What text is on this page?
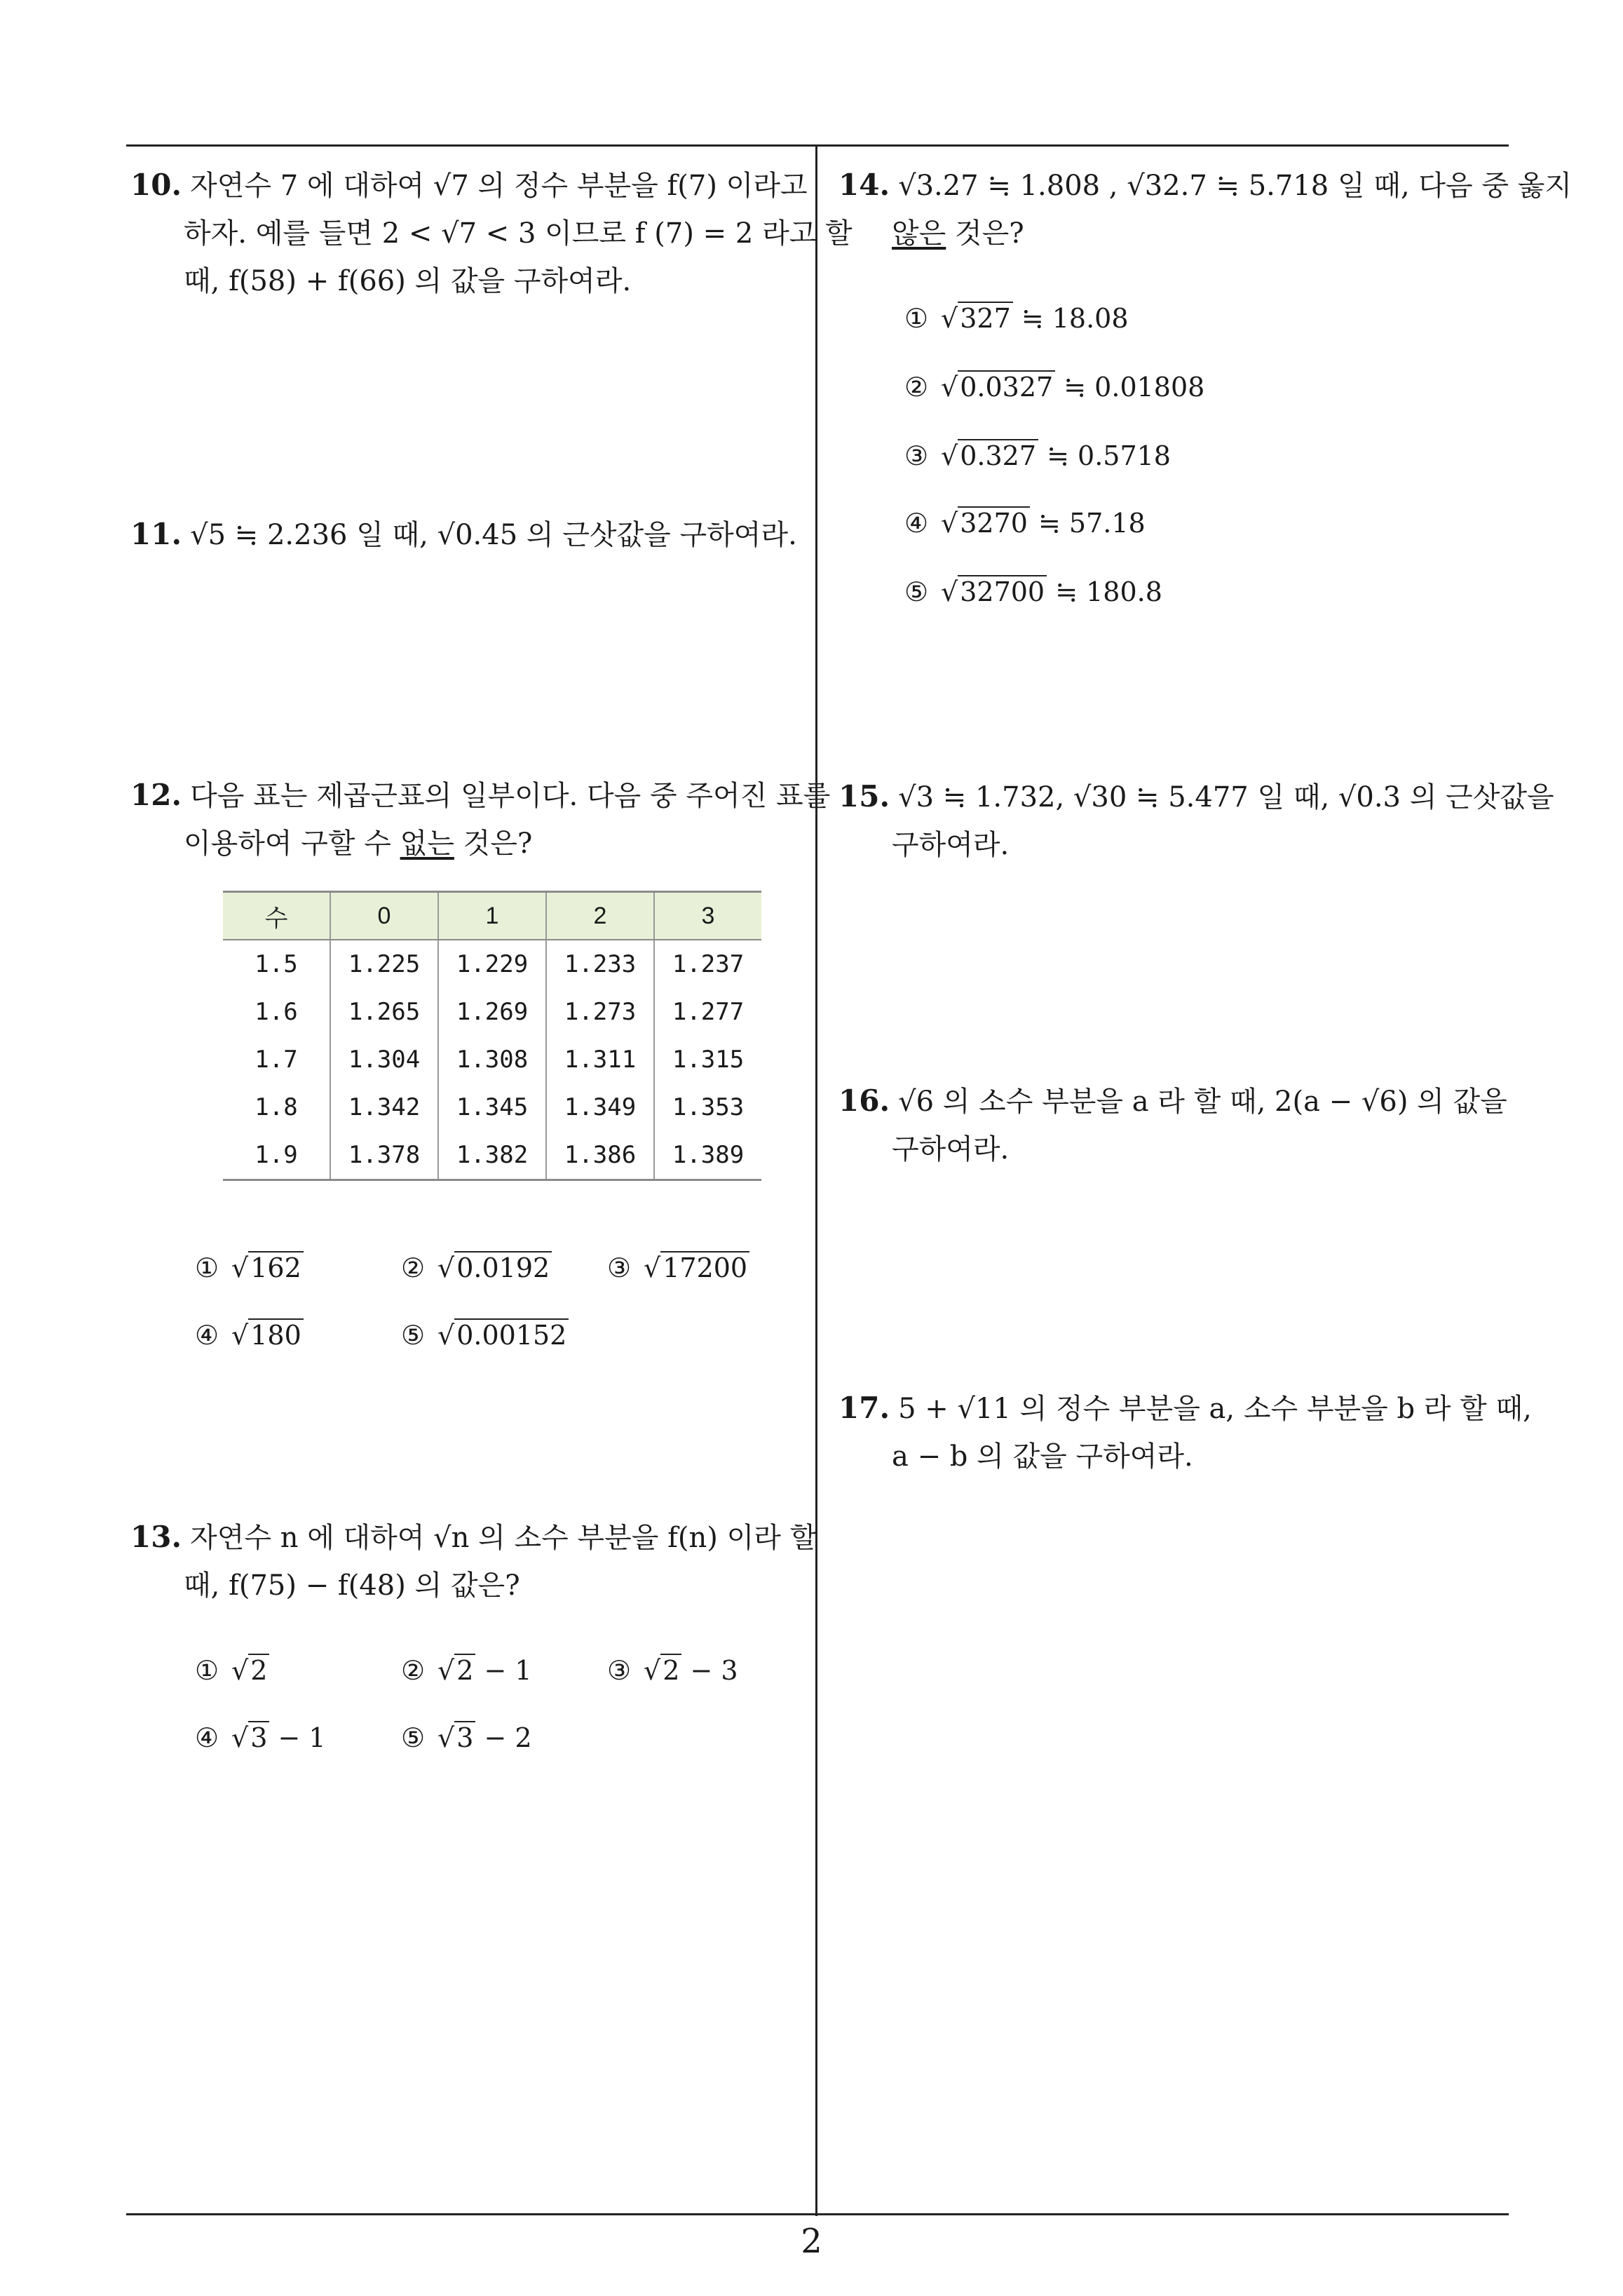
10. 자연수 7 에 대하여 √7 의 정수 부분을 f(7) 이라고
하자. 예를 들면 2 < √7 < 3 이므로 f (7) = 2 라고 할
때, f(58) + f(66) 의 값을 구하여라.
11. √5 ≒ 2.236 일 때, √0.45 의 근삿값을 구하여라.
12. 다음 표는 제곱근표의 일부이다. 다음 중 주어진 표를
이용하여 구할 수 없는 것은?
수	0	1	2	3
1.5	1.225	1.229	1.233	1.237
1.6	1.265	1.269	1.273	1.277
1.7	1.304	1.308	1.311	1.315
1.8	1.342	1.345	1.349	1.353
1.9	1.378	1.382	1.386	1.389
① √162	② √0.0192 ③ √17200
④ √180	⑤ √0.00152
13. 자연수 n 에 대하여 √n 의 소수 부분을 f(n) 이라 할
때, f(75) − f(48) 의 값은?
① √2	② √2 − 1	③ √2 − 3
④ √3 − 1	⑤ √3 − 2
14. √3.27 ≒ 1.808 , √32.7 ≒ 5.718 일 때, 다음 중 옳지
않은 것은?
① √327 ≒ 18.08
② √0.0327 ≒ 0.01808
③ √0.327 ≒ 0.5718
④ √3270 ≒ 57.18
⑤ √32700 ≒ 180.8
15. √3 ≒ 1.732, √30 ≒ 5.477 일 때, √0.3 의 근삿값을
구하여라.
16. √6 의 소수 부분을 a 라 할 때, 2(a − √6) 의 값을
구하여라.
17. 5 + √11 의 정수 부분을 a, 소수 부분을 b 라 할 때,
a − b 의 값을 구하여라.
2
